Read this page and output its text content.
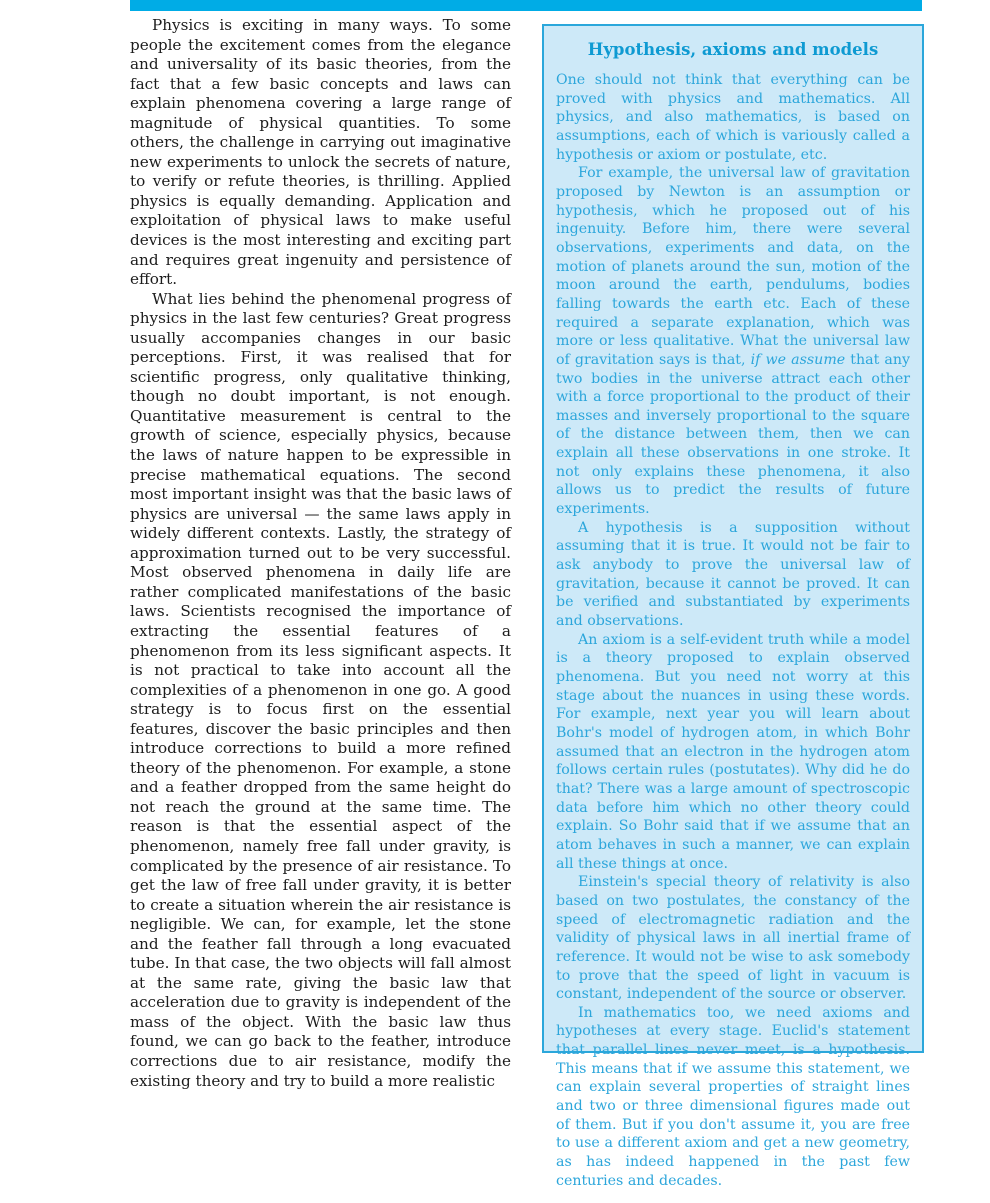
Physics is exciting in many ways. To some people the excitement comes from the elegance and universality of its basic theories, from the fact that a few basic concepts and laws can explain phenomena covering a large range of magnitude of physical quantities. To some others, the challenge in carrying out imaginative new experiments to unlock the secrets of nature, to verify or refute theories, is thrilling. Applied physics is equally demanding. Application and exploitation of physical laws to make useful devices is the most interesting and exciting part and requires great ingenuity and persistence of effort.

What lies behind the phenomenal progress of physics in the last few centuries? Great progress usually accompanies changes in our basic perceptions. First, it was realised that for scientific progress, only qualitative thinking, though no doubt important, is not enough. Quantitative measurement is central to the growth of science, especially physics, because the laws of nature happen to be expressible in precise mathematical equations. The second most important insight was that the basic laws of physics are universal — the same laws apply in widely different contexts. Lastly, the strategy of approximation turned out to be very successful. Most observed phenomena in daily life are rather complicated manifestations of the basic laws. Scientists recognised the importance of extracting the essential features of a phenomenon from its less significant aspects. It is not practical to take into account all the complexities of a phenomenon in one go. A good strategy is to focus first on the essential features, discover the basic principles and then introduce corrections to build a more refined theory of the phenomenon. For example, a stone and a feather dropped from the same height do not reach the ground at the same time. The reason is that the essential aspect of the phenomenon, namely free fall under gravity, is complicated by the presence of air resistance. To get the law of free fall under gravity, it is better to create a situation wherein the air resistance is negligible. We can, for example, let the stone and the feather fall through a long evacuated tube. In that case, the two objects will fall almost at the same rate, giving the basic law that acceleration due to gravity is independent of the mass of the object. With the basic law thus found, we can go back to the feather, introduce corrections due to air resistance, modify the existing theory and try to build a more realistic

Hypothesis, axioms and models

One should not think that everything can be proved with physics and mathematics. All physics, and also mathematics, is based on assumptions, each of which is variously called a hypothesis or axiom or postulate, etc.

For example, the universal law of gravitation proposed by Newton is an assumption or hypothesis, which he proposed out of his ingenuity. Before him, there were several observations, experiments and data, on the motion of planets around the sun, motion of the moon around the earth, pendulums, bodies falling towards the earth etc. Each of these required a separate explanation, which was more or less qualitative. What the universal law of gravitation says is that, if we assume that any two bodies in the universe attract each other with a force proportional to the product of their masses and inversely proportional to the square of the distance between them, then we can explain all these observations in one stroke. It not only explains these phenomena, it also allows us to predict the results of future experiments.

A hypothesis is a supposition without assuming that it is true. It would not be fair to ask anybody to prove the universal law of gravitation, because it cannot be proved. It can be verified and substantiated by experiments and observations.

An axiom is a self-evident truth while a model is a theory proposed to explain observed phenomena. But you need not worry at this stage about the nuances in using these words. For example, next year you will learn about Bohr's model of hydrogen atom, in which Bohr assumed that an electron in the hydrogen atom follows certain rules (postutates). Why did he do that? There was a large amount of spectroscopic data before him which no other theory could explain. So Bohr said that if we assume that an atom behaves in such a manner, we can explain all these things at once.

Einstein's special theory of relativity is also based on two postulates, the constancy of the speed of electromagnetic radiation and the validity of physical laws in all inertial frame of reference. It would not be wise to ask somebody to prove that the speed of light in vacuum is constant, independent of the source or observer.

In mathematics too, we need axioms and hypotheses at every stage. Euclid's statement that parallel lines never meet, is a hypothesis. This means that if we assume this statement, we can explain several properties of straight lines and two or three dimensional figures made out of them. But if you don't assume it, you are free to use a different axiom and get a new geometry, as has indeed happened in the past few centuries and decades.
